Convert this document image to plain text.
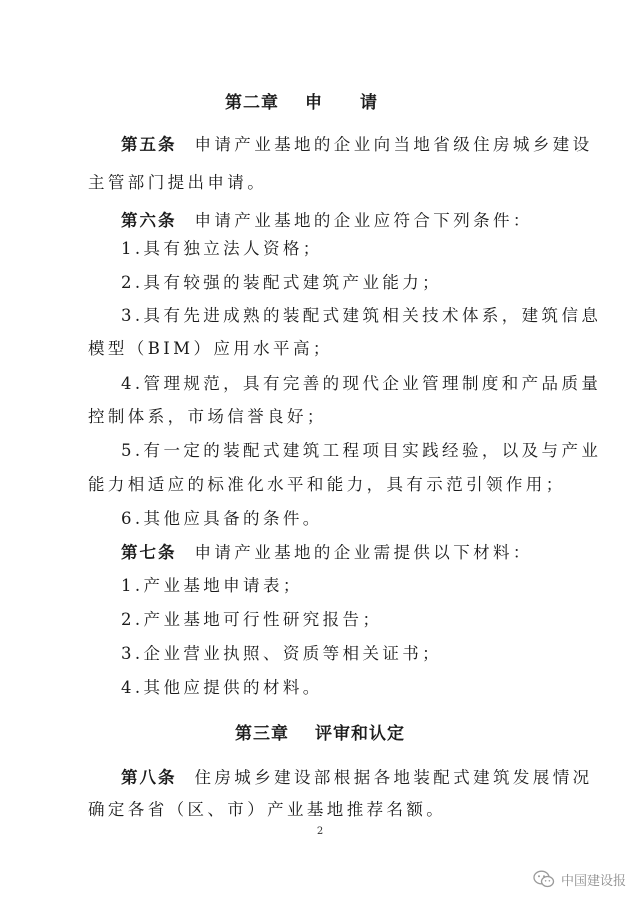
第二章 申请
第五条 申请产业基地的企业向当地省级住房城乡建设
主管部门提出申请。
第六条 申请产业基地的企业应符合下列条件：
1.具有独立法人资格；
2.具有较强的装配式建筑产业能力；
3.具有先进成熟的装配式建筑相关技术体系，建筑信息
模型（BIM）应用水平高；
4.管理规范，具有完善的现代企业管理制度和产品质量
控制体系，市场信誉良好；
5.有一定的装配式建筑工程项目实践经验，以及与产业
能力相适应的标准化水平和能力，具有示范引领作用；
6.其他应具备的条件。
第七条 申请产业基地的企业需提供以下材料：
1.产业基地申请表；
2.产业基地可行性研究报告；
3.企业营业执照、资质等相关证书；
4.其他应提供的材料。
第三章 评审和认定
第八条 住房城乡建设部根据各地装配式建筑发展情况
确定各省（区、市）产业基地推荐名额。
2
中国建设报
